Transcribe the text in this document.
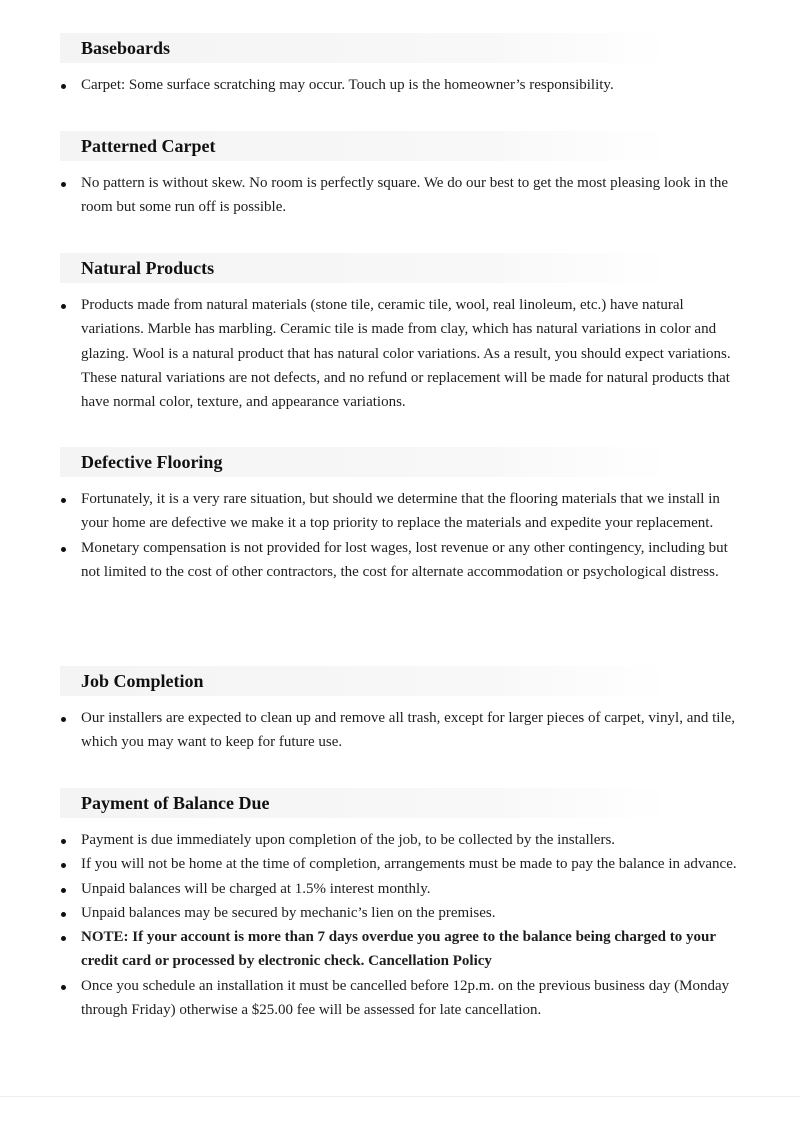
Baseboards
Carpet: Some surface scratching may occur. Touch up is the homeowner’s responsibility.
Patterned Carpet
No pattern is without skew. No room is perfectly square. We do our best to get the most pleasing look in the room but some run off is possible.
Natural Products
Products made from natural materials (stone tile, ceramic tile, wool, real linoleum, etc.) have natural variations. Marble has marbling. Ceramic tile is made from clay, which has natural variations in color and glazing. Wool is a natural product that has natural color variations. As a result, you should expect variations. These natural variations are not defects, and no refund or replacement will be made for natural products that have normal color, texture, and appearance variations.
Defective Flooring
Fortunately, it is a very rare situation, but should we determine that the flooring materials that we install in your home are defective we make it a top priority to replace the materials and expedite your replacement.
Monetary compensation is not provided for lost wages, lost revenue or any other contingency, including but not limited to the cost of other contractors, the cost for alternate accommodation or psychological distress.
Job Completion
Our installers are expected to clean up and remove all trash, except for larger pieces of carpet, vinyl, and tile, which you may want to keep for future use.
Payment of Balance Due
Payment is due immediately upon completion of the job, to be collected by the installers.
If you will not be home at the time of completion, arrangements must be made to pay the balance in advance.
Unpaid balances will be charged at 1.5% interest monthly.
Unpaid balances may be secured by mechanic’s lien on the premises.
NOTE: If your account is more than 7 days overdue you agree to the balance being charged to your credit card or processed by electronic check. Cancellation Policy
Once you schedule an installation it must be cancelled before 12p.m. on the previous business day (Monday through Friday) otherwise a $25.00 fee will be assessed for late cancellation.
